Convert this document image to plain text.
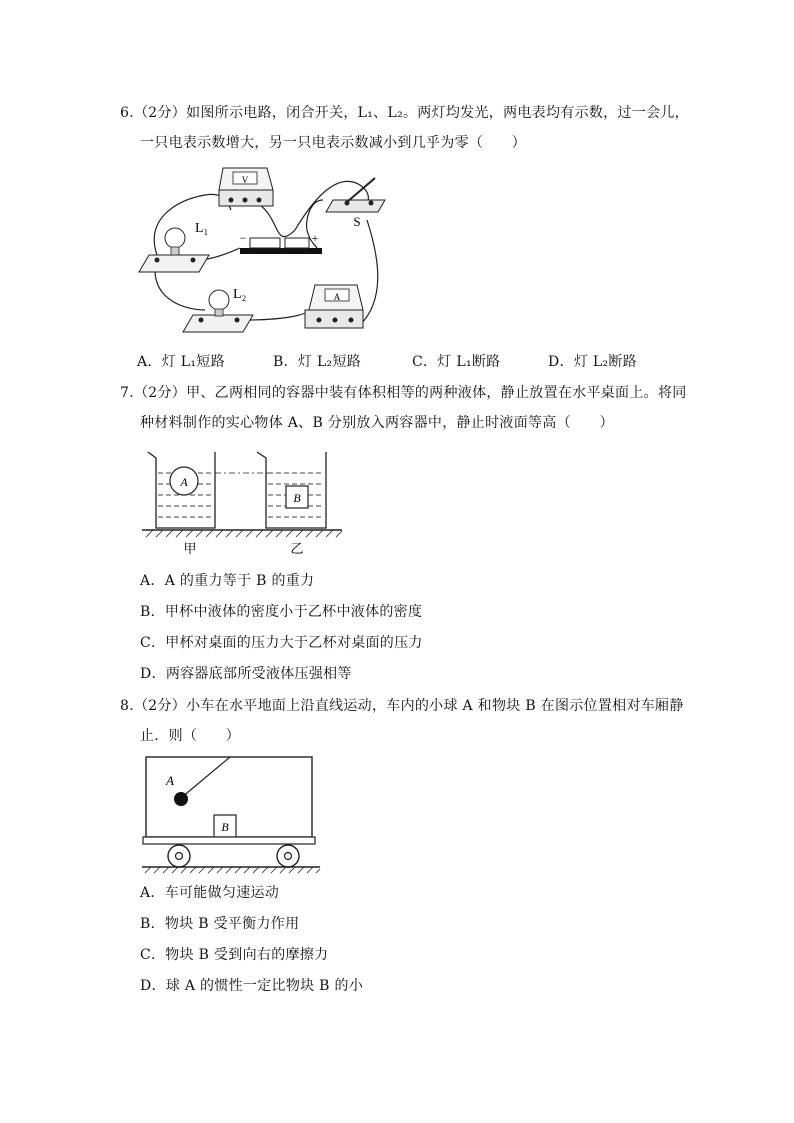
6.（2分）如图所示电路，闭合开关，L₁、L₂。两灯均发光，两电表均有示数，过一会儿，
一只电表示数增大，另一只电表示数减小到几乎为零（　　）
V
S
−	+
L₁
L₂	A
A．灯 L₁短路	B．灯 L₂短路	C．灯 L₁断路	D．灯 L₂断路
7.（2分）甲、乙两相同的容器中装有体积相等的两种液体，静止放置在水平桌面上。将同
种材料制作的实心物体 A、B 分别放入两容器中，静止时液面等高（　　）
A
B
甲	乙
A．A 的重力等于 B 的重力
B．甲杯中液体的密度小于乙杯中液体的密度
C．甲杯对桌面的压力大于乙杯对桌面的压力
D．两容器底部所受液体压强相等
8.（2分）小车在水平地面上沿直线运动，车内的小球 A 和物块 B 在图示位置相对车厢静
止．则（　　）
A
B
A．车可能做匀速运动
B．物块 B 受平衡力作用
C．物块 B 受到向右的摩擦力
D．球 A 的惯性一定比物块 B 的小
